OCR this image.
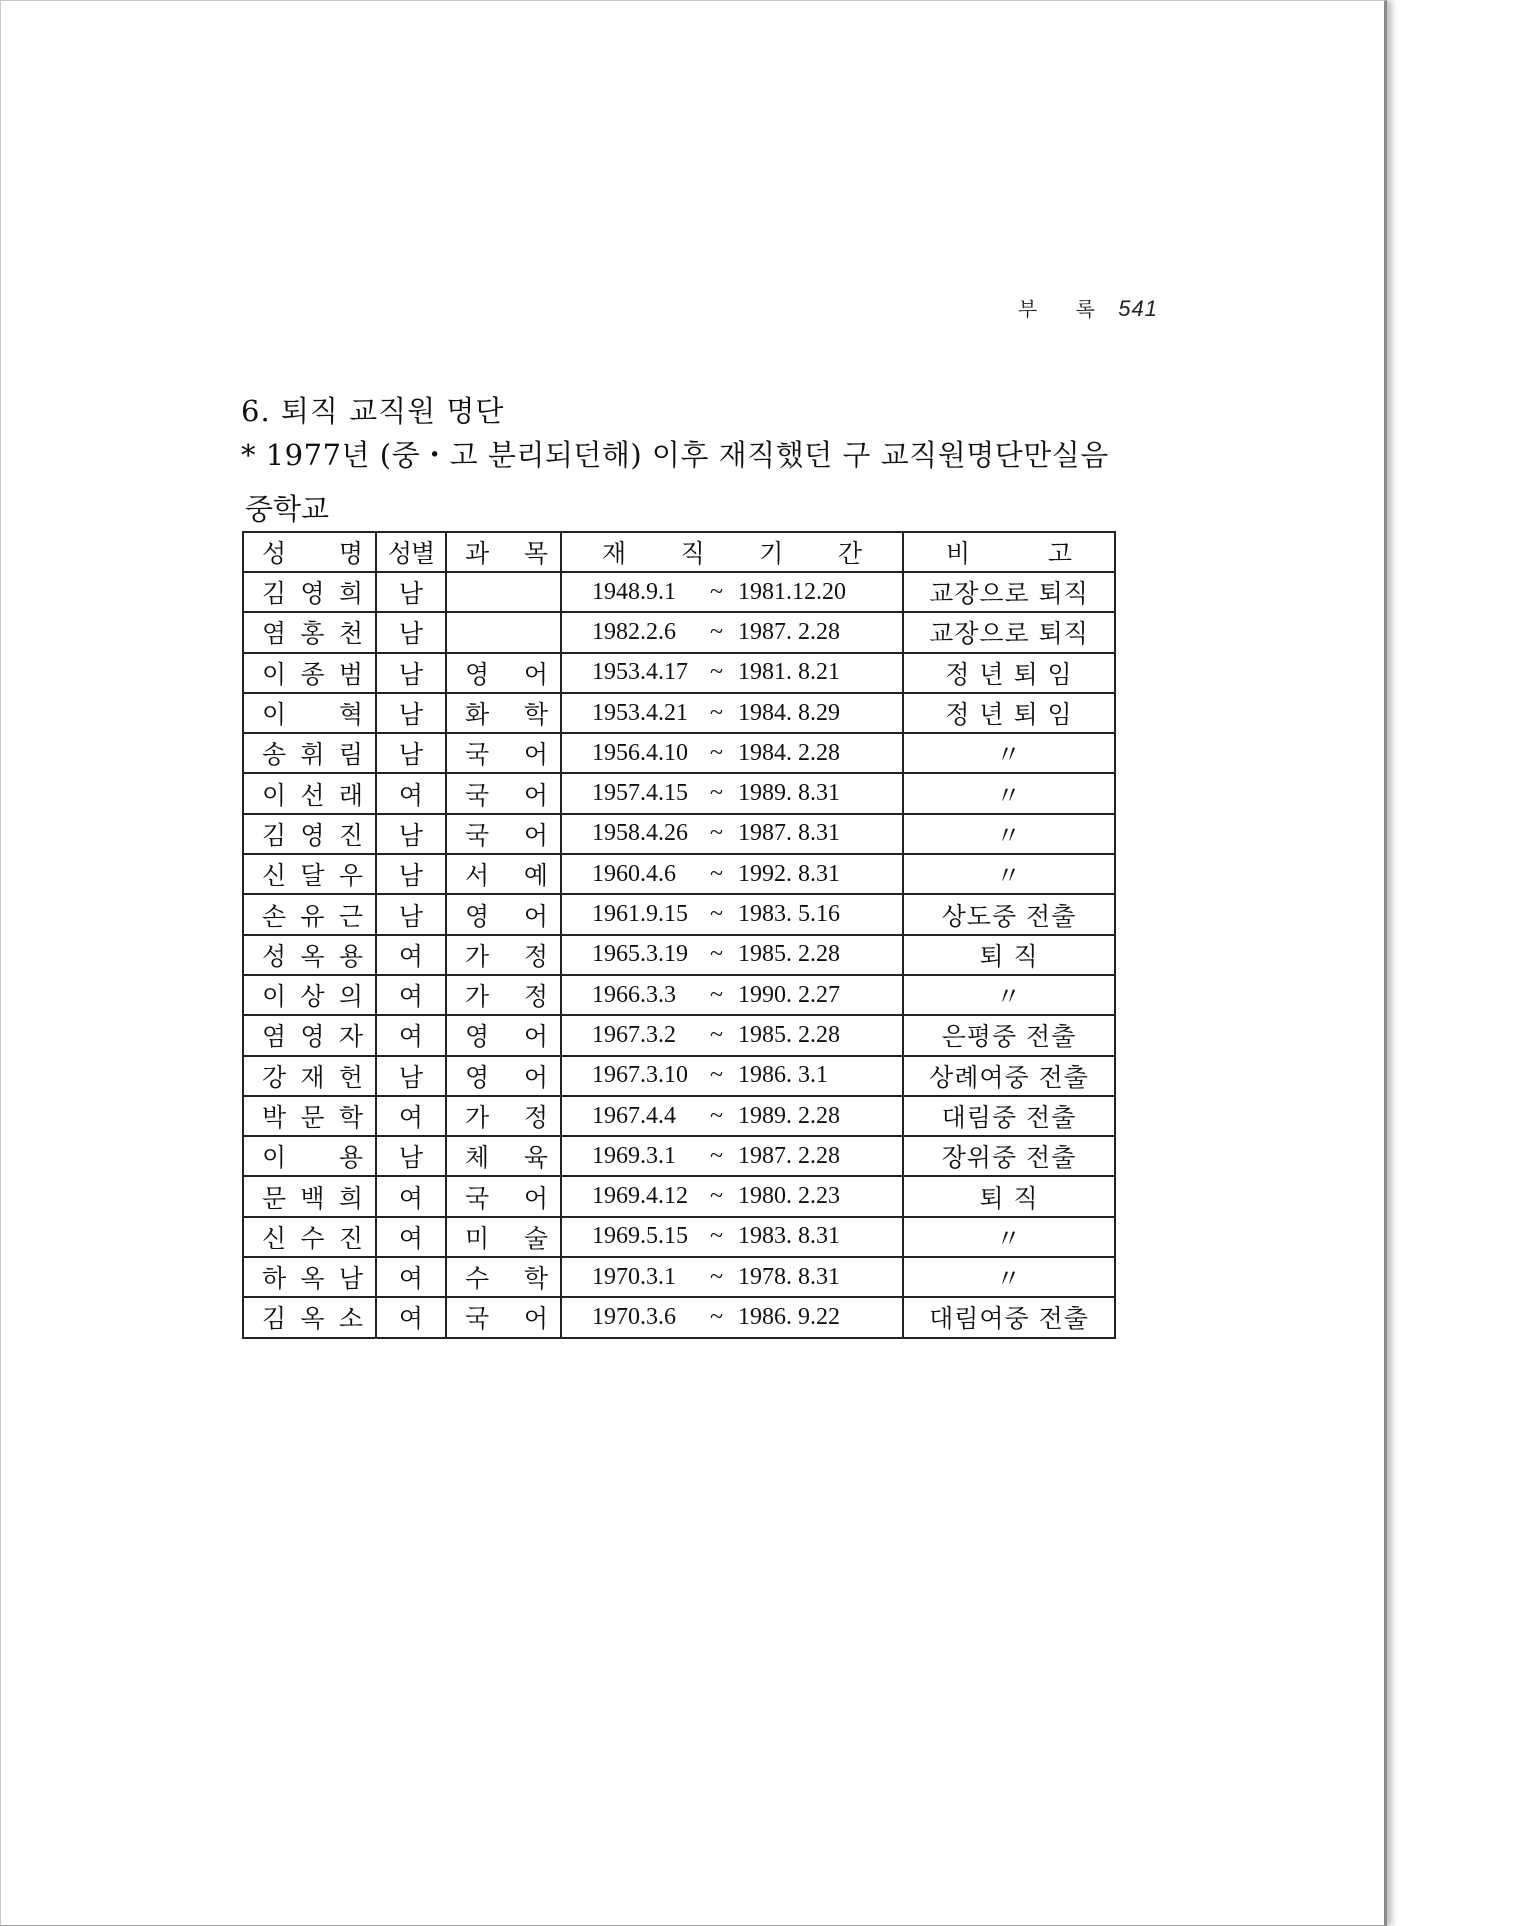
부 록 541
6. 퇴직 교직원 명단
* 1977년 (중・고 분리되던해) 이후 재직했던 구 교직원명단만실음
중학교
성 명	성별	과 목	재 직 기 간	비 고
김 영 희	남		1948.9.1 ~ 1981.12.20	교장으로 퇴직
염 홍 천	남		1982.2.6 ~ 1987. 2.28	교장으로 퇴직
이 종 범	남	영 어	1953.4.17 ~ 1981. 8.21	정 년 퇴 임
이 혁	남	화 학	1953.4.21 ~ 1984. 8.29	정 년 퇴 임
송 휘 림	남	국 어	1956.4.10 ~ 1984. 2.28	〃
이 선 래	여	국 어	1957.4.15 ~ 1989. 8.31	〃
김 영 진	남	국 어	1958.4.26 ~ 1987. 8.31	〃
신 달 우	남	서 예	1960.4.6 ~ 1992. 8.31	〃
손 유 근	남	영 어	1961.9.15 ~ 1983. 5.16	상도중 전출
성 옥 용	여	가 정	1965.3.19 ~ 1985. 2.28	퇴 직
이 상 의	여	가 정	1966.3.3 ~ 1990. 2.27	〃
염 영 자	여	영 어	1967.3.2 ~ 1985. 2.28	은평중 전출
강 재 헌	남	영 어	1967.3.10 ~ 1986. 3.1	상례여중 전출
박 문 학	여	가 정	1967.4.4 ~ 1989. 2.28	대림중 전출
이 용	남	체 육	1969.3.1 ~ 1987. 2.28	장위중 전출
문 백 희	여	국 어	1969.4.12 ~ 1980. 2.23	퇴 직
신 수 진	여	미 술	1969.5.15 ~ 1983. 8.31	〃
하 옥 남	여	수 학	1970.3.1 ~ 1978. 8.31	〃
김 옥 소	여	국 어	1970.3.6 ~ 1986. 9.22	대림여중 전출
